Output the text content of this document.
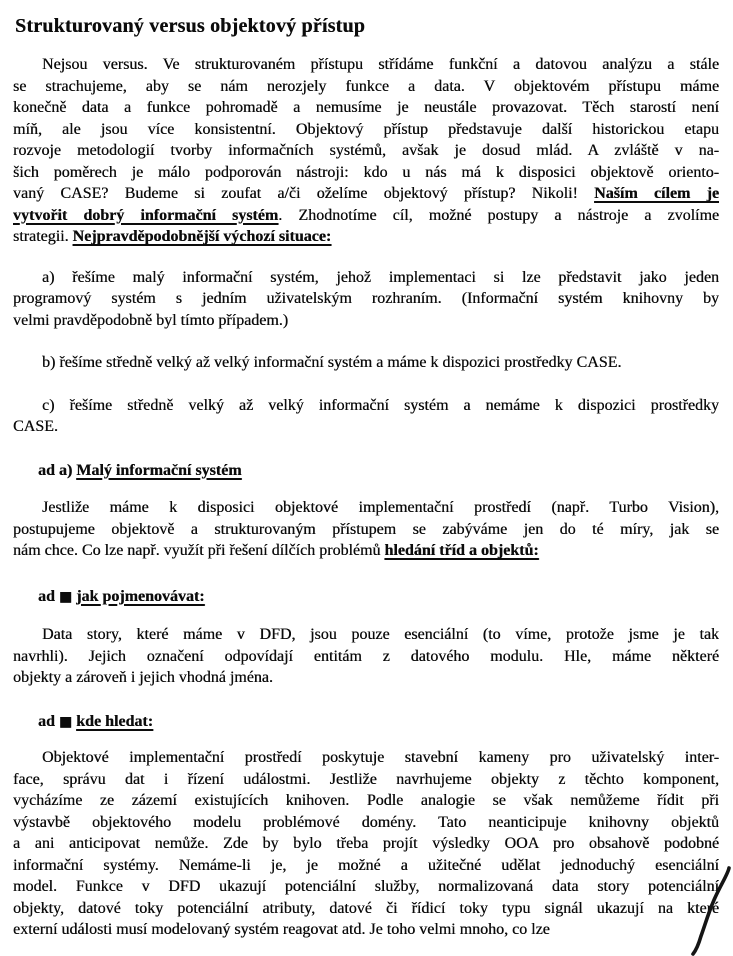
Strukturovaný versus objektový přístup
Nejsou versus. Ve strukturovaném přístupu střídáme funkční a datovou analýzu a stále
se strachujeme, aby se nám nerozjely funkce a data. V objektovém přístupu máme
konečně data a funkce pohromadě a nemusíme je neustále provazovat. Těch starostí není
míň, ale jsou více konsistentní. Objektový přístup představuje další historickou etapu
rozvoje metodologií tvorby informačních systémů, avšak je dosud mlád. A zvláště v na-
šich poměrech je málo podporován nástroji: kdo u nás má k disposici objektově oriento-
vaný CASE? Budeme si zoufat a/či oželíme objektový přístup? Nikoli! Naším cílem je
vytvořit dobrý informační systém. Zhodnotíme cíl, možné postupy a nástroje a zvolíme
strategii. Nejpravděpodobnější výchozí situace:
a) řešíme malý informační systém, jehož implementaci si lze představit jako jeden
programový systém s jedním uživatelským rozhraním. (Informační systém knihovny by
velmi pravděpodobně byl tímto případem.)
b) řešíme středně velký až velký informační systém a máme k dispozici prostředky CASE.
c) řešíme středně velký až velký informační systém a nemáme k dispozici prostředky
CASE.
ad a) Malý informační systém
Jestliže máme k disposici objektové implementační prostředí (např. Turbo Vision),
postupujeme objektově a strukturovaným přístupem se zabýváme jen do té míry, jak se
nám chce. Co lze např. využít při řešení dílčích problémů hledání tříd a objektů:
ad ■ jak pojmenovávat:
Data story, které máme v DFD, jsou pouze esenciální (to víme, protože jsme je tak
navrhli). Jejich označení odpovídají entitám z datového modulu. Hle, máme některé
objekty a zároveň i jejich vhodná jména.
ad ■ kde hledat:
Objektové implementační prostředí poskytuje stavební kameny pro uživatelský inter-
face, správu dat i řízení událostmi. Jestliže navrhujeme objekty z těchto komponent,
vycházíme ze zázemí existujících knihoven. Podle analogie se však nemůžeme řídit při
výstavbě objektového modelu problémové domény. Tato neanticipuje knihovny objektů
a ani anticipovat nemůže. Zde by bylo třeba projít výsledky OOA pro obsahově podobné
informační systémy. Nemáme-li je, je možné a užitečné udělat jednoduchý esenciální
model. Funkce v DFD ukazují potenciální služby, normalizovaná data story potenciální
objekty, datové toky potenciální atributy, datové či řídicí toky typu signál ukazují na které
externí události musí modelovaný systém reagovat atd. Je toho velmi mnoho, co lze
